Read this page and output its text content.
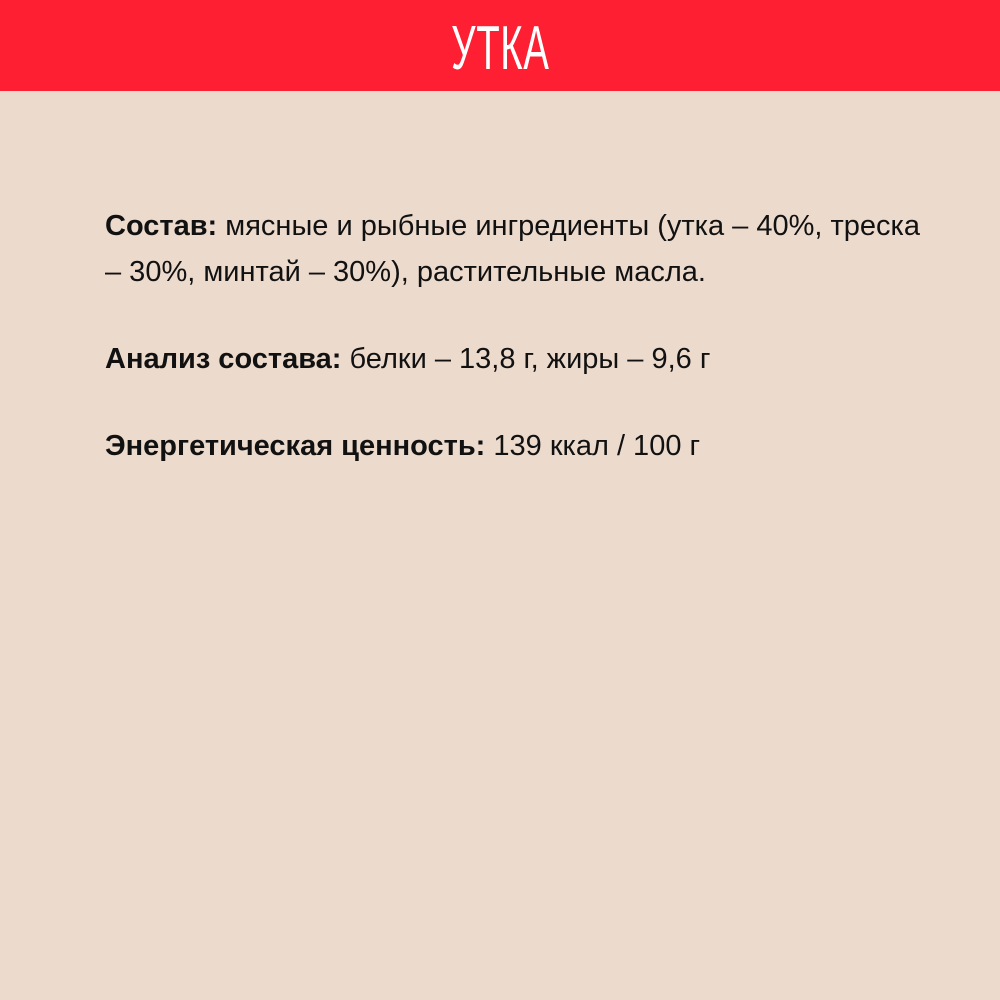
УТКА

Состав: мясные и рыбные ингредиенты (утка – 40%, треска – 30%, минтай – 30%), растительные масла.

Анализ состава: белки – 13,8 г, жиры – 9,6 г

Энергетическая ценность: 139 ккал / 100 г
